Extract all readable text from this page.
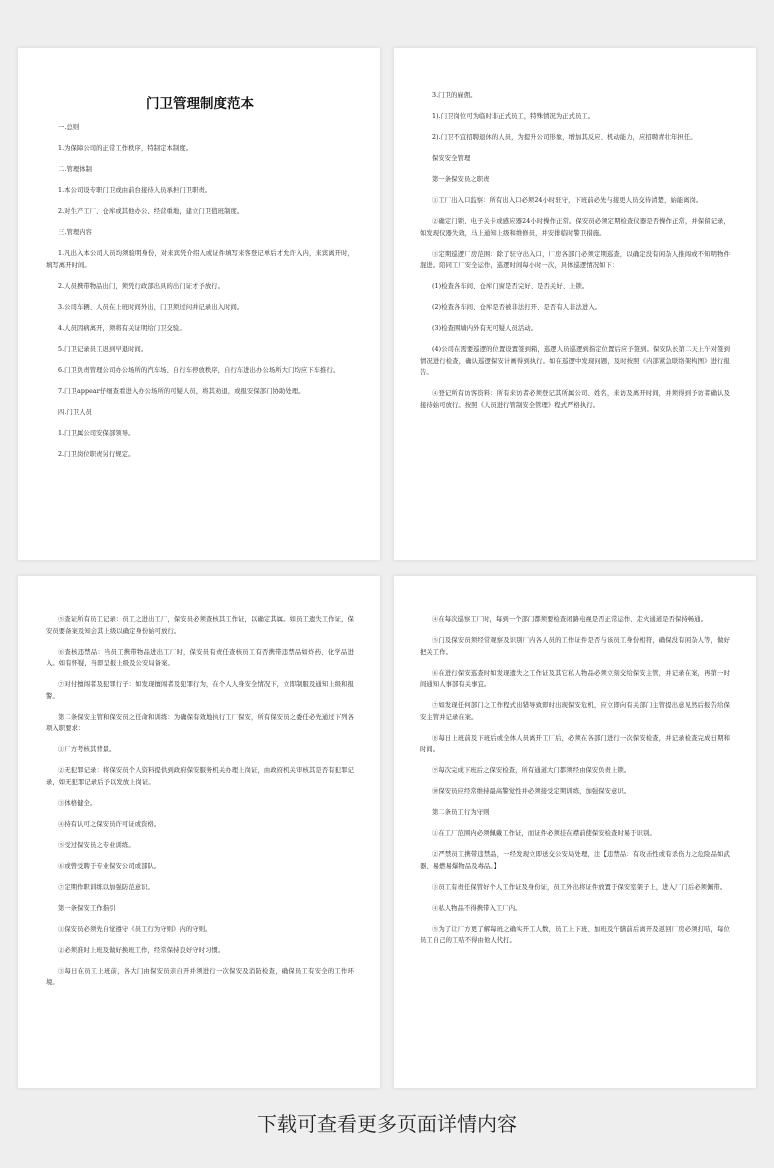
门卫管理制度范本

一.总则

1.为保障公司的正常工作秩序，特制定本制度。

二.管理体制

1.本公司设专职门卫或由前台接待人员承担门卫职责。

2.对生产工厂、仓库或其他办公、经营重地，建立门卫值班制度。

三.管理内容

1.凡出入本公司人员均须验明身份，对来宾凭介绍人或证件填写来客登记单后才允许入内，来宾离开时，填写离开时间。

2.人员携带物品出门，须凭行政部出具的出门证才予放行。

3.公司车辆、人员在上班时间外出，门卫须过问并记录出入时间。

4.人员因病离开，须将有关证明给门卫交验。

5.门卫记录员工迟到早退时间。

6.门卫负责管理公司办公场所的汽车场、自行车停放秩序，自行车进出办公场所大门均应下车推行。

7.门卫appear仔细查看进入办公场所的可疑人员，将其劝退，或报安保部门协助处理。

四.门卫人员

1.门卫属公司安保部领导。

2.门卫岗位职责另行规定。

3.门卫的雇佣。

1).门卫岗位可为临时非正式员工，特殊情况为正式员工。

2).门卫不宜招聘退休的人员，为提升公司形象，增加其反应、机动能力，应招聘青壮年担任。

保安安全管理

第一条保安员之职责

①工厂出入口监察：所有出入口必须24小时驻守，下班前必先与接更人员交待清楚，始能离岗。

②确定门锁、电子关卡或感应器24小时操作正常。保安员必须定期检查仪器是否操作正常，并保留记录，如发现仪器失效，马上通知上级和维修员，并安排临时警卫措施。

③定期巡逻厂房范围：除了驻守出入口，厂房各部门必须定期巡查，以确定没有闲杂人推闯或不知明物件混进。陪同工厂安全运作，巡逻时间每小时一次，具体巡逻情况如下：

(1)检查各车间、仓库门窗是否完好、是否关好、上锁。

(2)检查各车间、仓库是否被非法打开、是否有人非法进入。

(3)检查围墙内外有无可疑人员活动。

(4)公司在需要巡逻的位置设置签到箱，巡逻人员巡逻到指定位置后应予签到。保安队长第二天上午对签到情况进行检查，确认巡逻保安计画得到执行。如在巡逻中发现问题，及时按照《内部紧急联络架构图》进行报告。

④登记所有访客资料：所有来访者必须登记其所属公司、姓名，来访及离开时间，并须得到予访者确认及接待始可放行。按照《人员进行管制安全管理》程式严格执行。

⑤查证所有员工记录：员工之进出工厂，保安员必须查核其工作证，以确定其属。如员工遗失工作证，保安员要备案及知会其上级以确定身份始可放行。

⑥查核违禁品：当员工携带物品进出工厂时，保安员有责任查核员工有否携带违禁品如炸药、化学品进入。如有怀疑，当即呈报上级及公安局备案。

⑦对付擅闯者及犯罪行子：如发现擅闯者及犯罪行为，在个人人身安全情况下，立即制服及通知上级和报警。

第二条保安主管和保安员之任命和训练：为确保有效地执行工厂保安，所有保安员之委任必先通过下列各项入职要求：

①厂方考核其背景。

②无犯罪记录：将保安员个人资料提供到政府保安服务机关办理上岗证，由政府机关审核其是否有犯罪记录，如无犯罪记录后予以发放上岗证。

③体格健全。

④持有认可之保安员许可证或资格。

⑤受过保安员之专业训练。

⑥或曾受聘于专业保安公司或部队。

⑦定期作职训练以加强防范意识。

第一条保安工作指引

①保安员必须先自觉遵守《员工行为守则》内的守则。

②必须准时上班及做好换班工作，经常保持良好守时习惯。

③每日在员工上班前，各大门由保安员亲自开并须进行一次保安及消防检查，确保员工有安全的工作环境。

④在每次巡察工厂时，每到一个部门都须要检查闭路电视是否正常运作、走火通道是否保持畅通。

⑤门及保安员须经常观察及识别厂内各人员的工作证件是否与该员工身份相符，确保没有闲杂人等，做好把关工作。

⑥在进行保安巡查时如发现遗失之工作证及其它私人物品必须立刻交给保安主管，并记录在案，再第一时间通知人事部有关事宜。

⑦如发现任何部门之工作程式出错导致即时出现保安危机，应立即向有关部门主管提出意见然后报告给保安主管并记录在案。

⑧每日上班前及下班后或全体人员离开工厂后，必须在各部门进行一次保安检查，并记录检查完成日期和时间。

⑨每次完成下班后之保安检查，所有通道大门都须经由保安负责上锁。

⑩保安员应经常维持最高警觉性并必须接受定期训练，加强保安意识。

第二条员工行为守则

①在工厂范围内必须佩戴工作证，而证件必须挂在襟前使保安检查时易于识别。

②严禁员工携带违禁品，一经发现立即送交公安局处理，注【违禁品：有攻击性或有杀伤力之危险品如武器、易燃易爆物品及毒品。】

③员工有责任保管好个人工作证及身份证，员工外出将证件放置于保安室架子上，进入厂门后必须佩带。

④私人物品不得携带入工厂内。

⑤为了让厂方更了解每班之确实开工人数，员工上下班、加班及午膳前后离开及返回厂房必须打咭，每位员工自己的工咭不得由他人代打。

下载可查看更多页面详情内容
